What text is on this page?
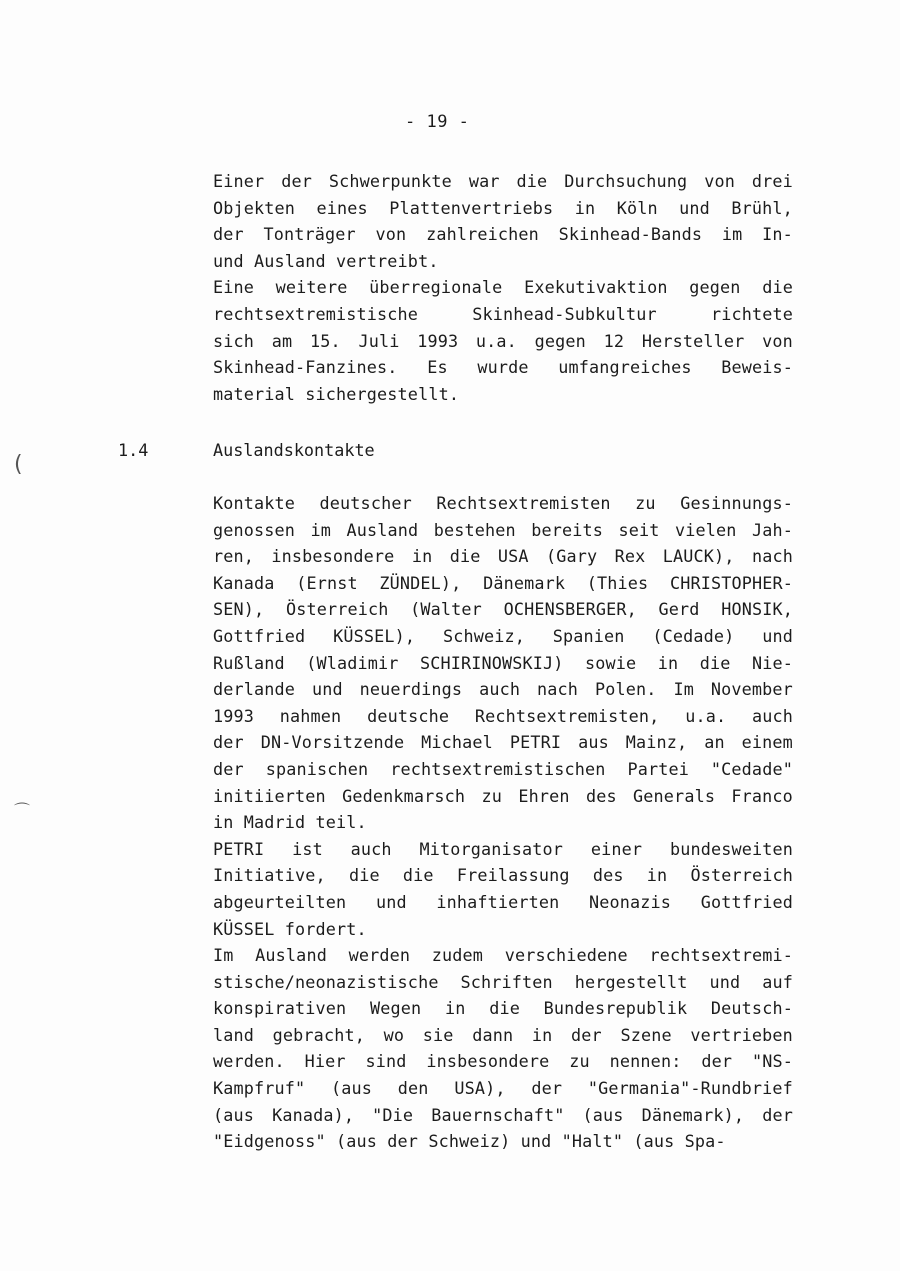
- 19 -
Einer der Schwerpunkte war die Durchsuchung von drei
Objekten eines Plattenvertriebs in Köln und Brühl,
der Tonträger von zahlreichen Skinhead-Bands im In-
und Ausland vertreibt.
Eine weitere überregionale Exekutivaktion gegen die
rechtsextremistische	Skinhead-Subkultur	richtete
sich am 15. Juli 1993 u.a. gegen 12 Hersteller von
Skinhead-Fanzines. Es wurde umfangreiches Beweis-
material sichergestellt.
1.4	Auslandskontakte
Kontakte deutscher Rechtsextremisten zu Gesinnungs-
genossen im Ausland bestehen bereits seit vielen Jah-
ren, insbesondere in die USA (Gary Rex LAUCK), nach
Kanada (Ernst ZÜNDEL), Dänemark (Thies CHRISTOPHER-
SEN), Österreich (Walter OCHENSBERGER, Gerd HONSIK,
Gottfried KÜSSEL), Schweiz, Spanien (Cedade) und
Rußland (Wladimir SCHIRINOWSKIJ) sowie in die Nie-
derlande und neuerdings auch nach Polen. Im November
1993 nahmen deutsche Rechtsextremisten, u.a. auch
der DN-Vorsitzende Michael PETRI aus Mainz, an einem
der spanischen rechtsextremistischen Partei "Cedade"
initiierten Gedenkmarsch zu Ehren des Generals Franco
in Madrid teil.
PETRI ist auch Mitorganisator einer bundesweiten
Initiative, die die Freilassung des in Österreich
abgeurteilten und inhaftierten Neonazis Gottfried
KÜSSEL fordert.
Im Ausland werden zudem verschiedene rechtsextremi-
stische/neonazistische Schriften hergestellt und auf
konspirativen Wegen in die Bundesrepublik Deutsch-
land gebracht, wo sie dann in der Szene vertrieben
werden. Hier sind insbesondere zu nennen: der "NS-
Kampfruf" (aus den USA), der "Germania"-Rundbrief
(aus Kanada), "Die Bauernschaft" (aus Dänemark), der
"Eidgenoss" (aus der Schweiz) und "Halt" (aus Spa-
(
⌒
